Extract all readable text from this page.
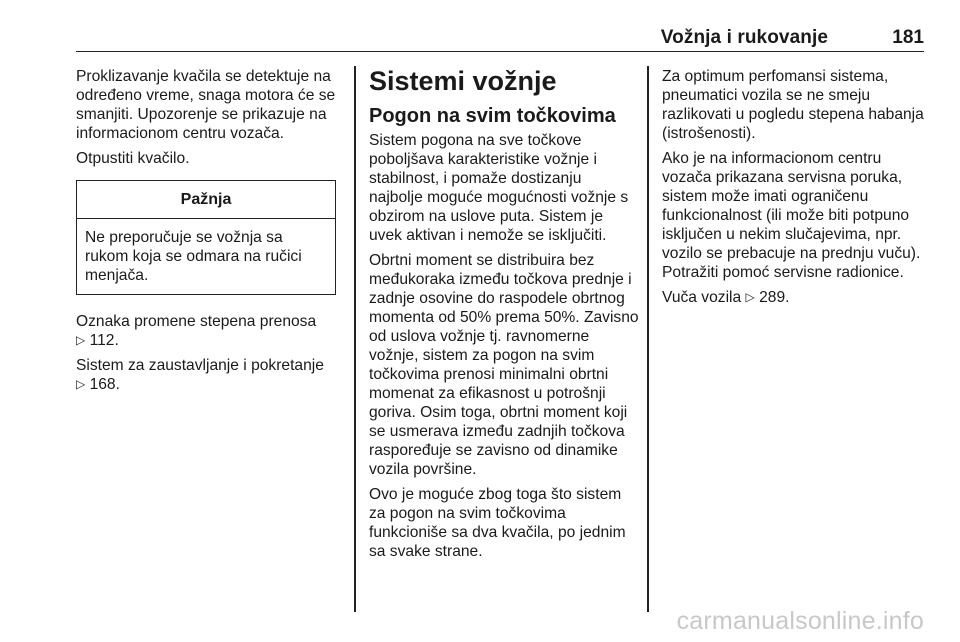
Vožnja i rukovanje	181

Proklizavanje kvačila se detektuje na određeno vreme, snaga motora će se smanjiti. Upozorenje se prikazuje na informacionom centru vozača.

Otpustiti kvačilo.

Pažnja
Ne preporučuje se vožnja sa rukom koja se odmara na ručici menjača.

Oznaka promene stepena prenosa
▷ 112.

Sistem za zaustavljanje i pokretanje
▷ 168.

Sistemi vožnje
Pogon na svim točkovima

Sistem pogona na sve točkove poboljšava karakteristike vožnje i stabilnost, i pomaže dostizanju najbolje moguće mogućnosti vožnje s obzirom na uslove puta. Sistem je uvek aktivan i nemože se isključiti.

Obrtni moment se distribuira bez međukoraka između točkova prednje i zadnje osovine do raspodele obrtnog momenta od 50% prema 50%. Zavisno od uslova vožnje tj. ravnomerne vožnje, sistem za pogon na svim točkovima prenosi minimalni obrtni momenat za efikasnost u potrošnji goriva. Osim toga, obrtni moment koji se usmerava između zadnjih točkova raspoređuje se zavisno od dinamike vozila površine.

Ovo je moguće zbog toga što sistem za pogon na svim točkovima funkcioniše sa dva kvačila, po jednim sa svake strane.

Za optimum perfomansi sistema, pneumatici vozila se ne smeju razlikovati u pogledu stepena habanja (istrošenosti).

Ako je na informacionom centru vozača prikazana servisna poruka, sistem može imati ograničenu funkcionalnost (ili može biti potpuno isključen u nekim slučajevima, npr. vozilo se prebacuje na prednju vuču). Potražiti pomoć servisne radionice.

Vuča vozila ▷ 289.

carmanualsonline.info
